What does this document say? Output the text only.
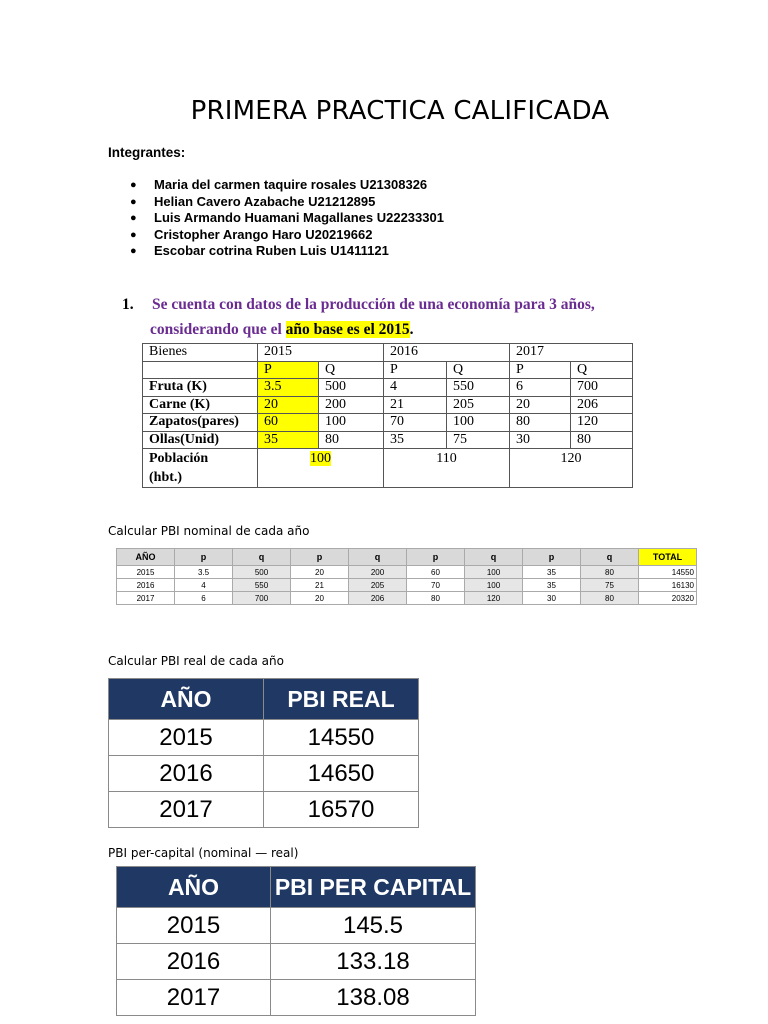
PRIMERA PRACTICA CALIFICADA
Integrantes:
● Maria del carmen taquire rosales U21308326
● Helian Cavero Azabache U21212895
● Luis Armando Huamani Magallanes U22233301
● Cristopher Arango Haro U20219662
● Escobar cotrina Ruben Luis U1411121
1. Se cuenta con datos de la producción de una economía para 3 años,
considerando que el año base es el 2015.
Bienes	2015		2016		2017	
	P	Q	P	Q	P	Q
Fruta (K)	3.5	500	4	550	6	700
Carne (K)	20	200	21	205	20	206
Zapatos(pares)	60	100	70	100	80	120
Ollas(Unid)	35	80	35	75	30	80
Población
(hbt.)	100		110		120	
Calcular PBI nominal de cada año
AÑO	p	q	p	q	p	q	p	q	TOTAL
2015	3.5	500	20	200	60	100	35	80	14550
2016	4	550	21	205	70	100	35	75	16130
2017	6	700	20	206	80	120	30	80	20320
Calcular PBI real de cada año
AÑO	PBI REAL
2015	14550
2016	14650
2017	16570
PBI per-capital (nominal — real)
AÑO	PBI PER CAPITAL
2015	145.5
2016	133.18
2017	138.08
